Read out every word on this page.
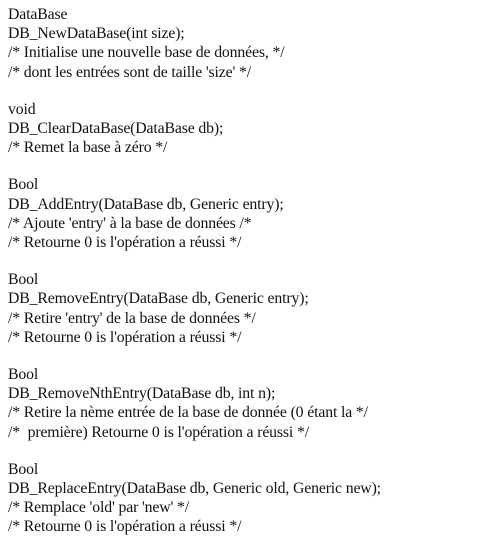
DataBase
DB_NewDataBase(int size);
/* Initialise une nouvelle base de données, */
/* dont les entrées sont de taille 'size' */
void
DB_ClearDataBase(DataBase db);
/* Remet la base à zéro */
Bool
DB_AddEntry(DataBase db, Generic entry);
/* Ajoute 'entry' à la base de données /*
/* Retourne 0 is l'opération a réussi */
Bool
DB_RemoveEntry(DataBase db, Generic entry);
/* Retire 'entry' de la base de données */
/* Retourne 0 is l'opération a réussi */
Bool
DB_RemoveNthEntry(DataBase db, int n);
/* Retire la nème entrée de la base de donnée (0 étant la */
/*  première) Retourne 0 is l'opération a réussi */
Bool
DB_ReplaceEntry(DataBase db, Generic old, Generic new);
/* Remplace 'old' par 'new' */
/* Retourne 0 is l'opération a réussi */
